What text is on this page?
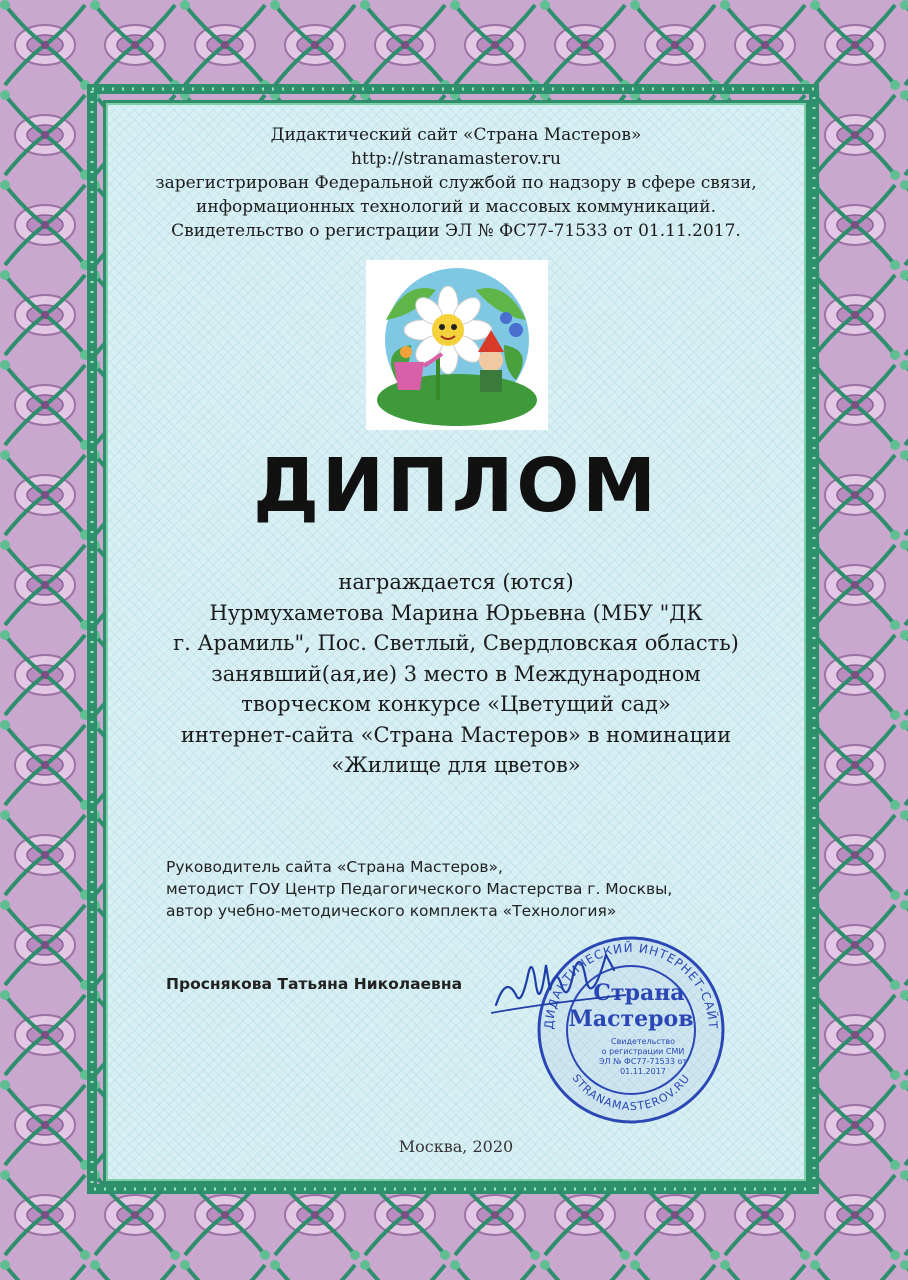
Дидактический сайт «Страна Мастеров»
http://stranamasterov.ru
зарегистрирован Федеральной службой по надзору в сфере связи,
информационных технологий и массовых коммуникаций.
Свидетельство о регистрации ЭЛ № ФС77-71533 от 01.11.2017.
ДИПЛОМ
награждается (ются)
Нурмухаметова Марина Юрьевна (МБУ "ДК
г. Арамиль", Пос. Светлый, Свердловская область)
занявший(ая,ие) 3 место в Международном
творческом конкурсе «Цветущий сад»
интернет-сайта «Страна Мастеров» в номинации
«Жилище для цветов»
Руководитель сайта «Страна Мастеров»,
методист ГОУ Центр Педагогического Мастерства г. Москвы,
автор учебно-методического комплекта «Технология»
Проснякова Татьяна Николаевна
ДИДАКТИЧЕСКИЙ ИНТЕРНЕТ-САЙТ
STRANAMASTEROV.RU
Страна
Мастеров
Свидетельство
о регистрации СМИ
ЭЛ № ФС77-71533 от
01.11.2017
Москва, 2020
